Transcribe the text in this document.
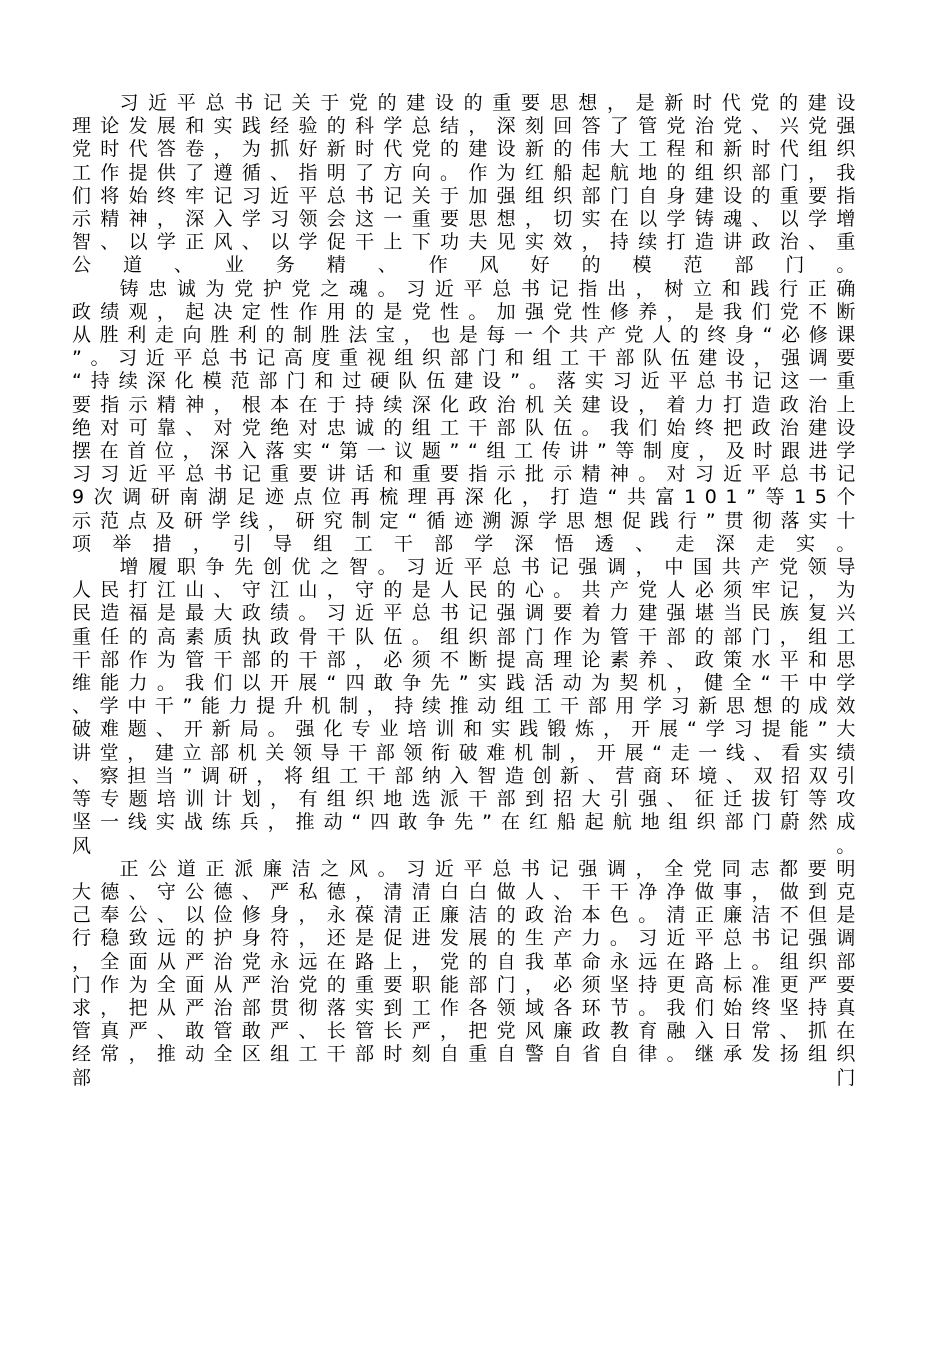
习近平总书记关于党的建设的重要思想，是新时代党的建设理论发展和实践经验的科学总结，深刻回答了管党治党、兴党强党时代答卷，为抓好新时代党的建设新的伟大工程和新时代组织工作提供了遵循、指明了方向。作为红船起航地的组织部门，我们将始终牢记习近平总书记关于加强组织部门自身建设的重要指示精神，深入学习领会这一重要思想，切实在以学铸魂、以学增智、以学正风、以学促干上下功夫见实效，持续打造讲政治、重公道、业务精、作风好的模范部门。

铸忠诚为党护党之魂。习近平总书记指出，树立和践行正确政绩观，起决定性作用的是党性。加强党性修养，是我们党不断从胜利走向胜利的制胜法宝，也是每一个共产党人的终身“必修课”。习近平总书记高度重视组织部门和组工干部队伍建设，强调要“持续深化模范部门和过硬队伍建设”。落实习近平总书记这一重要指示精神，根本在于持续深化政治机关建设，着力打造政治上绝对可靠、对党绝对忠诚的组工干部队伍。我们始终把政治建设摆在首位，深入落实“第一议题”“组工传讲”等制度，及时跟进学习习近平总书记重要讲话和重要指示批示精神。对习近平总书记9次调研南湖足迹点位再梳理再深化，打造“共富101”等15个示范点及研学线，研究制定“循迹溯源学思想促践行”贯彻落实十项举措，引导组工干部学深悟透、走深走实。

增履职争先创优之智。习近平总书记强调，中国共产党领导人民打江山、守江山，守的是人民的心。共产党人必须牢记，为民造福是最大政绩。习近平总书记强调要着力建强堪当民族复兴重任的高素质执政骨干队伍。组织部门作为管干部的部门，组工干部作为管干部的干部，必须不断提高理论素养、政策水平和思维能力。我们以开展“四敢争先”实践活动为契机，健全“干中学、学中干”能力提升机制，持续推动组工干部用学习新思想的成效破难题、开新局。强化专业培训和实践锻炼，开展“学习提能”大讲堂，建立部机关领导干部领衔破难机制，开展“走一线、看实绩、察担当”调研，将组工干部纳入智造创新、营商环境、双招双引等专题培训计划，有组织地选派干部到招大引强、征迁拔钉等攻坚一线实战练兵，推动“四敢争先”在红船起航地组织部门蔚然成风。

正公道正派廉洁之风。习近平总书记强调，全党同志都要明大德、守公德、严私德，清清白白做人、干干净净做事，做到克己奉公、以俭修身，永葆清正廉洁的政治本色。清正廉洁不但是行稳致远的护身符，还是促进发展的生产力。习近平总书记强调，全面从严治党永远在路上，党的自我革命永远在路上。组织部门作为全面从严治党的重要职能部门，必须坚持更高标准更严要求，把从严治部贯彻落实到工作各领域各环节。我们始终坚持真管真严、敢管敢严、长管长严，把党风廉政教育融入日常、抓在经常，推动全区组工干部时刻自重自警自省自律。继承发扬组织部门
